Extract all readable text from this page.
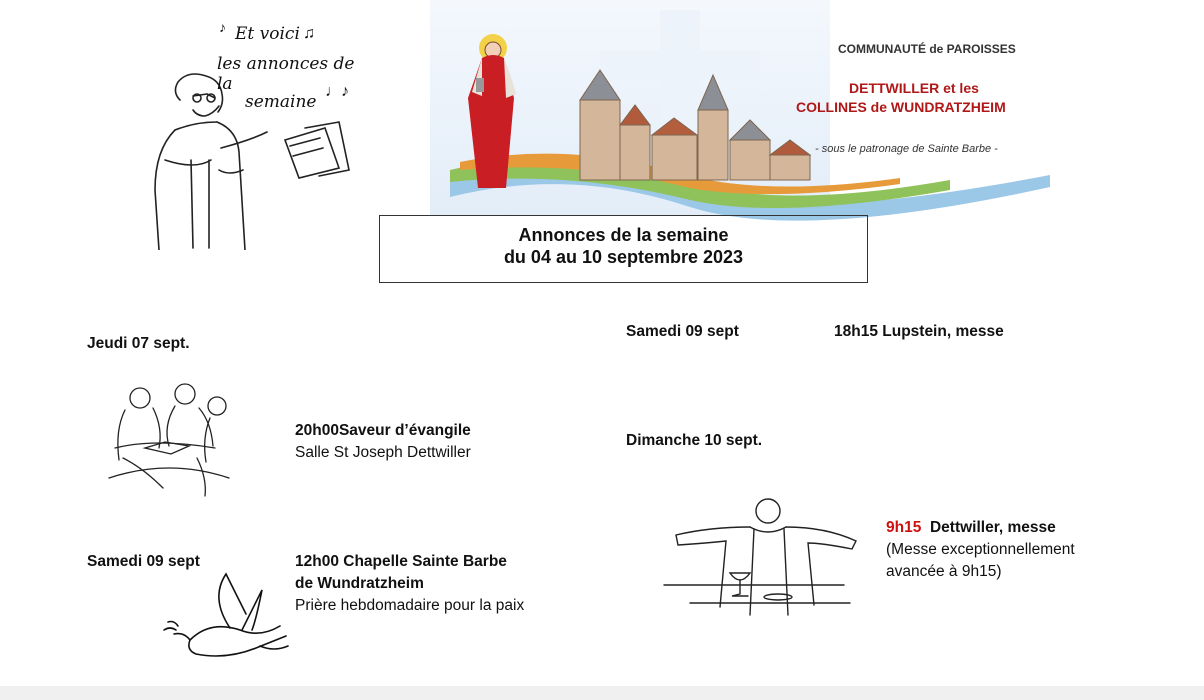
♪	♫
♩♪
Et voici
les annonces de la
semaine
COMMUNAUTÉ de PAROISSES
DETTWILLER et les
COLLINES de WUNDRATZHEIM
- sous le patronage de Sainte Barbe -
Annonces de la semaine
du 04 au 10 septembre 2023
Jeudi 07 sept.
20h00Saveur d’évangile
Salle St Joseph Dettwiller
Samedi 09 sept	12h00 Chapelle Sainte Barbe
de Wundratzheim
Prière hebdomadaire pour la paix
Samedi 09 sept	18h15 Lupstein, messe
Dimanche 10 sept.
9h15 Dettwiller, messe
(Messe exceptionnellement
avancée à 9h15)
